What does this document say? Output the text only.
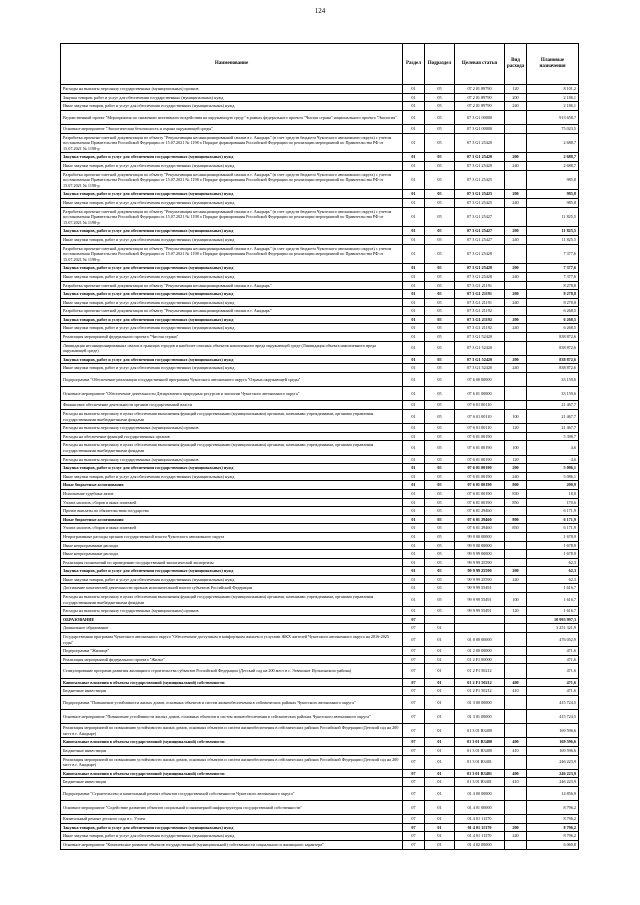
124
Наименование	Раздел	Подраздел	Целевая статья	Вид расхода	Плановые назначения
Расходы на выплаты персоналу государственных (муниципальных) органов	01	05	07 2 01 89790	120	8 101,2
Закупка товаров, работ и услуг для обеспечения государственных (муниципальных) нужд	01	05	07 2 01 89790	200	2 186,1
Иные закупки товаров, работ и услуг для обеспечения государственных (муниципальных) нужд	01	05	07 2 01 89790	240	2 186,1
Ведомственный проект "Мероприятия по снижению негативного воздействия на окружающую среду" в рамках федерального проекта "Чистая страна" национального проекта "Экология"	01	05	07 3 G1 00000		913 658,7
Основное мероприятие "Экологическая безопасность и охрана окружающей среды"	01	05	07 3 G1 00000		75 023,5
Разработка проектно-сметной документации по объекту "Рекультивация несанкционированной свалки в г. Анадырь" (в счет средств бюджета Чукотского автономного округа) с учетом постановления Правительства Российской Федерации от 15.07.2021 № 1198 о Порядке формирования Российской Федерации по реализации мероприятий по Правительства РФ от 15.07.2021 № 1198-р	01	05	07 3 G1 25420		2 688,7
Закупка товаров, работ и услуг для обеспечения государственных (муниципальных) нужд	01	05	07 3 G1 25420	200	2 688,7
Иные закупки товаров, работ и услуг для обеспечения государственных (муниципальных) нужд	01	05	07 3 G1 25420	240	2 688,7
Разработка проектно-сметной документации по объекту "Рекультивация несанкционированной свалки в г. Анадырь" (в счет средств бюджета Чукотского автономного округа) с учетом постановления Правительства Российской Федерации от 15.07.2021 № 1198 о Порядке формирования Российской Федерации по реализации мероприятий по Правительства РФ от 15.07.2021 № 1198-р	01	05	07 3 G1 25425		985,8
Закупка товаров, работ и услуг для обеспечения государственных (муниципальных) нужд	01	05	07 3 G1 25425	200	985,8
Иные закупки товаров, работ и услуг для обеспечения государственных (муниципальных) нужд	01	05	07 3 G1 25425	240	985,8
Разработка проектно-сметной документации по объекту "Рекультивация несанкционированной свалки в г. Анадырь" (в счет средств бюджета Чукотского автономного округа) с учетом постановления Правительства Российской Федерации от 15.07.2021 № 1198 о Порядке формирования Российской Федерации по реализации мероприятий по Правительства РФ от 15.07.2021 № 1198-р	01	05	07 3 G1 25427		11 825,5
Закупка товаров, работ и услуг для обеспечения государственных (муниципальных) нужд	01	05	07 3 G1 25427	200	11 825,5
Иные закупки товаров, работ и услуг для обеспечения государственных (муниципальных) нужд	01	05	07 3 G1 25427	240	11 825,5
Разработка проектно-сметной документации по объекту "Рекультивация несанкционированной свалки в г. Анадырь" (в счет средств бюджета Чукотского автономного округа) с учетом постановления Правительства Российской Федерации от 15.07.2021 № 1198 о Порядке формирования Российской Федерации по реализации мероприятий по Правительства РФ от 15.07.2021 № 1198-р	01	05	07 3 G1 25428		7 377,6
Закупка товаров, работ и услуг для обеспечения государственных (муниципальных) нужд	01	05	07 3 G1 25428	200	7 377,6
Иные закупки товаров, работ и услуг для обеспечения государственных (муниципальных) нужд	01	05	07 3 G1 25428	240	7 377,6
Разработка проектно-сметной документации по объекту "Рекультивация несанкционированной свалки в г. Анадырь"	01	05	07 3 G1 21191		8 278,8
Закупка товаров, работ и услуг для обеспечения государственных (муниципальных) нужд	01	05	07 3 G1 21191	200	8 278,8
Иные закупки товаров, работ и услуг для обеспечения государственных (муниципальных) нужд	01	05	07 3 G1 21191	240	8 278,8
Разработка проектно-сметной документации по объекту "Рекультивация несанкционированной свалки в г. Анадырь"	01	05	07 3 G1 21192		6 268,5
Закупка товаров, работ и услуг для обеспечения государственных (муниципальных) нужд	01	05	07 3 G1 21192	200	6 268,5
Иные закупки товаров, работ и услуг для обеспечения государственных (муниципальных) нужд	01	05	07 3 G1 21192	240	6 268,5
Реализация мероприятий федерального проекта "Чистая страна"	01	05	07 3 G1 52420		838 872,6
Ликвидация несанкционированных свалок в границах городов и наиболее опасных объектов накопленного вреда окружающей среде (Ликвидация объекта накопленного вреда окружающей среде)	01	05	07 3 G1 52420		838 872,6
Закупка товаров, работ и услуг для обеспечения государственных (муниципальных) нужд	01	05	07 3 G1 52420	200	838 872,6
Иные закупки товаров, работ и услуг для обеспечения государственных (муниципальных) нужд	01	05	07 3 G1 52420	240	838 872,6
Подпрограмма "Обеспечение реализации государственной программы Чукотского автономного округа "Охрана окружающей среды"	01	05	07 6 00 00000		33 159,6
Основное мероприятие "Обеспечение деятельности Департамента природных ресурсов и экологии Чукотского автономного округа"	01	05	07 6 01 00000		33 159,6
Финансовое обеспечение деятельности органов государственной власти	01	05	07 6 01 00110		21 467,7
Расходы на выплаты персоналу в целях обеспечения выполнения функций государственными (муниципальными) органами, казенными учреждениями, органами управления государственными внебюджетными фондами	01	05	07 6 01 00110	100	21 467,7
Расходы на выплаты персоналу государственных (муниципальных) органов	01	05	07 6 01 00110	120	21 467,7
Расходы на обеспечение функций государственных органов	01	05	07 6 01 00190		5 398,7
Расходы на выплаты персоналу в целях обеспечения выполнения функций государственными (муниципальными) органами, казенными учреждениями, органами управления государственными внебюджетными фондами	01	05	07 6 01 00190	100	4,6
Расходы на выплаты персоналу государственных (муниципальных) органов	01	05	07 6 01 00190	120	4,6
Закупка товаров, работ и услуг для обеспечения государственных (муниципальных) нужд	01	05	07 6 01 00190	200	5 086,1
Иные закупки товаров, работ и услуг для обеспечения государственных (муниципальных) нужд	01	05	07 6 01 00190	240	5 086,1
Иные бюджетные ассигнования	01	05	07 6 01 00190	800	200,9
Исполнение судебных актов	01	05	07 6 01 00190	830	18,0
Уплата налогов, сборов и иных платежей	01	05	07 6 01 00190	850	170,6
Прочие выплаты по обязательствам государства	01	05	07 6 01 29460		6 171,9
Иные бюджетные ассигнования	01	05	07 6 01 29460	800	6 171,9
Уплата налогов, сборов и иных платежей	01	05	07 6 01 29460	850	6 171,9
Непрограммные расходы органов государственной власти Чукотского автономного округа	01	05	99 0 00 00000		1 678,9
Иные непрограммные расходы	01	05	99 9 00 00000		1 678,9
Иные непрограммные расходы	01	05	99 9 99 00000		1 678,9
Реализация полномочий по проведению государственной экологической экспертизы	01	05	99 9 99 25590		62,3
Закупка товаров, работ и услуг для обеспечения государственных (муниципальных) нужд	01	05	99 9 99 25590	200	62,3
Иные закупки товаров, работ и услуг для обеспечения государственных (муниципальных) нужд	01	05	99 9 99 25590	240	62,3
Достижение показателей деятельности органов исполнительной власти субъектов Российской Федерации	01	05	99 9 99 55491		1 616,7
Расходы на выплаты персоналу в целях обеспечения выполнения функций государственными (муниципальными) органами, казенными учреждениями, органами управления государственными внебюджетными фондами	01	05	99 9 99 55491	100	1 616,7
Расходы на выплаты персоналу государственных (муниципальных) органов	01	05	99 9 99 55491	120	1 616,7
ОБРАЗОВАНИЕ	07				10 993 997,3
Дошкольное образование	07	01			3 251 321,9
Государственная программа Чукотского автономного округа "Обеспечение доступным и комфортным жильем и услугами ЖКХ жителей Чукотского автономного округа на 2016-2025 годы"	07	01	01 0 00 00000		476 052,9
Подпрограмма "Жилище"	07	01	01 2 00 00000		471,6
Реализация мероприятий федерального проекта "Жилье"	07	01	01 2 F1 00000		471,6
Стимулирование программ развития жилищного строительства субъектов Российской Федерации (Детский сад на 200 мест в с. Эгвекинот Иультинского района)	07	01	01 2 F1 50212		471,6
Капитальные вложения в объекты государственной (муниципальной) собственности	07	01	01 2 F1 50212	400	471,6
Бюджетные инвестиции	07	01	01 2 F1 50212	410	471,6
Подпрограмма "Повышение устойчивости жилых домов, основных объектов и систем жизнеобеспечения в сейсмических районах Чукотского автономного округа"	07	01	01 3 00 00000		415 724,5
Основное мероприятие "Повышение устойчивости жилых домов, основных объектов и систем жизнеобеспечения в сейсмических районах Чукотского автономного округа"	07	01	01 3 01 00000		415 724,5
Реализация мероприятий по повышению устойчивости жилых домов, основных объектов и систем жизнеобеспечения в сейсмических районах Российской Федерации (Детский сад на 200 мест в г. Анадыре)	07	01	01 3 01 R3400		169 596,6
Капитальные вложения в объекты государственной (муниципальной) собственности	07	01	01 3 01 R3400	400	169 596,6
Бюджетные инвестиции	07	01	01 3 01 R3400	410	169 596,6
Реализация мероприятий по повышению устойчивости жилых домов, основных объектов и систем жизнеобеспечения в сейсмических районах Российской Федерации (Детский сад на 200 мест в г. Анадыре)	07	01	01 3 01 R3401		246 223,9
Капитальные вложения в объекты государственной (муниципальной) собственности	07	01	01 3 01 R3401	400	246 223,9
Бюджетные инвестиции	07	01	01 3 01 R3401	410	246 223,9
Подпрограмма "Строительство и капитальный ремонт объектов государственной собственности Чукотского автономного округа"	07	01	01 4 00 00000		14 856,9
Основное мероприятие "Содействие развитию объектов социальной и инженерной инфраструктуры государственной собственности"	07	01	01 4 01 00000		8 796,2
Капитальный ремонт детского сада в с. Уэлен	07	01	01 4 01 11370		8 796,2
Закупка товаров, работ и услуг для обеспечения государственных (муниципальных) нужд	07	01	01 4 01 11370	200	8 796,2
Иные закупки товаров, работ и услуг для обеспечения государственных (муниципальных) нужд	07	01	01 4 01 11370	240	8 796,2
Основное мероприятие "Комплексное развитие объектов государственной (муниципальной) собственности социального и жилищного характера"	07	01	01 4 02 00000		6 060,8
